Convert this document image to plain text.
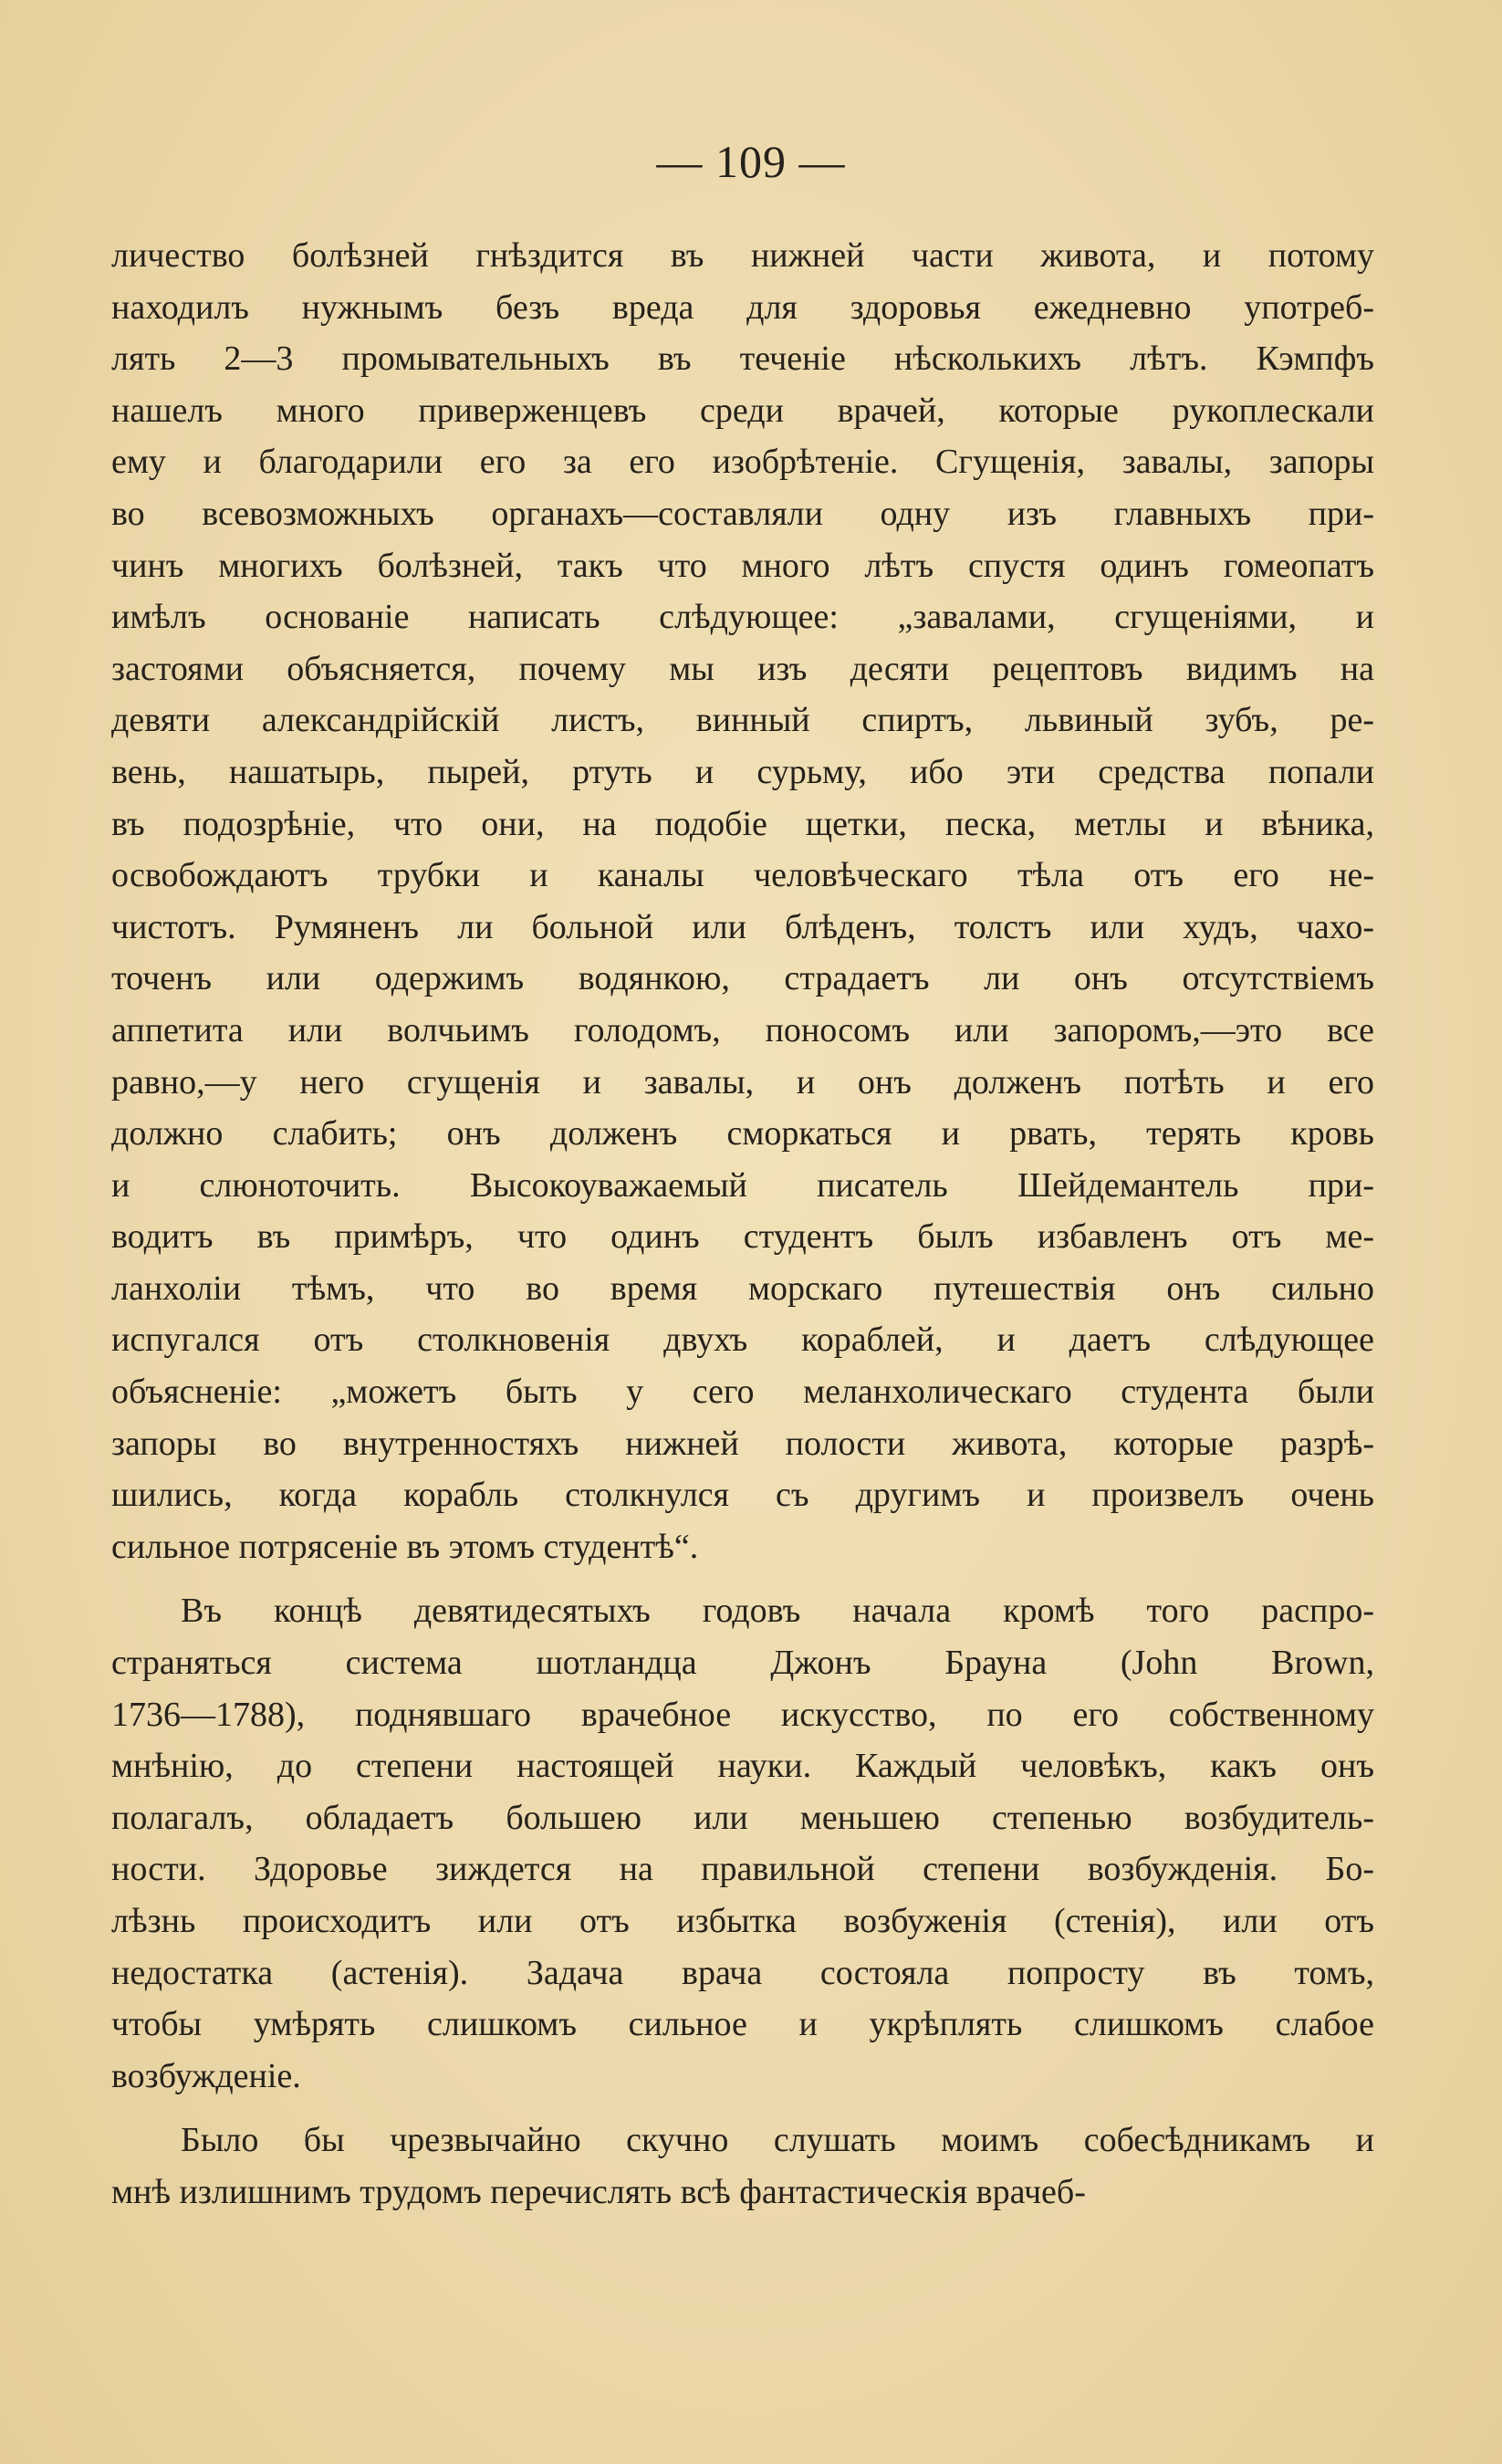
— 109 —
личество болѣзней гнѣздится въ нижней части живота, и потому
находилъ нужнымъ безъ вреда для здоровья ежедневно употреб-
лять 2—3 промывательныхъ въ теченіе нѣсколькихъ лѣтъ. Кэмпфъ
нашелъ много приверженцевъ среди врачей, которые рукоплескали
ему и благодарили его за его изобрѣтеніе. Сгущенія, завалы, запоры
во всевозможныхъ органахъ—составляли одну изъ главныхъ при-
чинъ многихъ болѣзней, такъ что много лѣтъ спустя одинъ гомеопатъ
имѣлъ основаніе написать слѣдующее: „завалами, сгущеніями, и
застоями объясняется, почему мы изъ десяти рецептовъ видимъ на
девяти александрійскій листъ, винный спиртъ, львиный зубъ, ре-
вень, нашатырь, пырей, ртуть и сурьму, ибо эти средства попали
въ подозрѣніе, что они, на подобіе щетки, песка, метлы и вѣника,
освобождаютъ трубки и каналы человѣческаго тѣла отъ его не-
чистотъ. Румяненъ ли больной или блѣденъ, толстъ или худъ, чахо-
точенъ или одержимъ водянкою, страдаетъ ли онъ отсутствіемъ
аппетита или волчьимъ голодомъ, поносомъ или запоромъ,—это все
равно,—у него сгущенія и завалы, и онъ долженъ потѣть и его
должно слабить; онъ долженъ сморкаться и рвать, терять кровь
и слюноточить. Высокоуважаемый писатель Шейдемантель при-
водитъ въ примѣръ, что одинъ студентъ былъ избавленъ отъ ме-
ланхоліи тѣмъ, что во время морскаго путешествія онъ сильно
испугался отъ столкновенія двухъ кораблей, и даетъ слѣдующее
объясненіе: „можетъ быть у сего меланхолическаго студента были
запоры во внутренностяхъ нижней полости живота, которые разрѣ-
шились, когда корабль столкнулся съ другимъ и произвелъ очень
сильное потрясеніе въ этомъ студентѣ“.
Въ концѣ девятидесятыхъ годовъ начала кромѣ того распро-
страняться система шотландца Джонъ Брауна (John Brown,
1736—1788), поднявшаго врачебное искусство, по его собственному
мнѣнію, до степени настоящей науки. Каждый человѣкъ, какъ онъ
полагалъ, обладаетъ большею или меньшею степенью возбудитель-
ности. Здоровье зиждется на правильной степени возбужденія. Бо-
лѣзнь происходитъ или отъ избытка возбуженія (стенія), или отъ
недостатка (астенія). Задача врача состояла попросту въ томъ,
чтобы умѣрять слишкомъ сильное и укрѣплять слишкомъ слабое
возбужденіе.
Было бы чрезвычайно скучно слушать моимъ собесѣдникамъ и
мнѣ излишнимъ трудомъ перечислять всѣ фантастическія врачеб-
